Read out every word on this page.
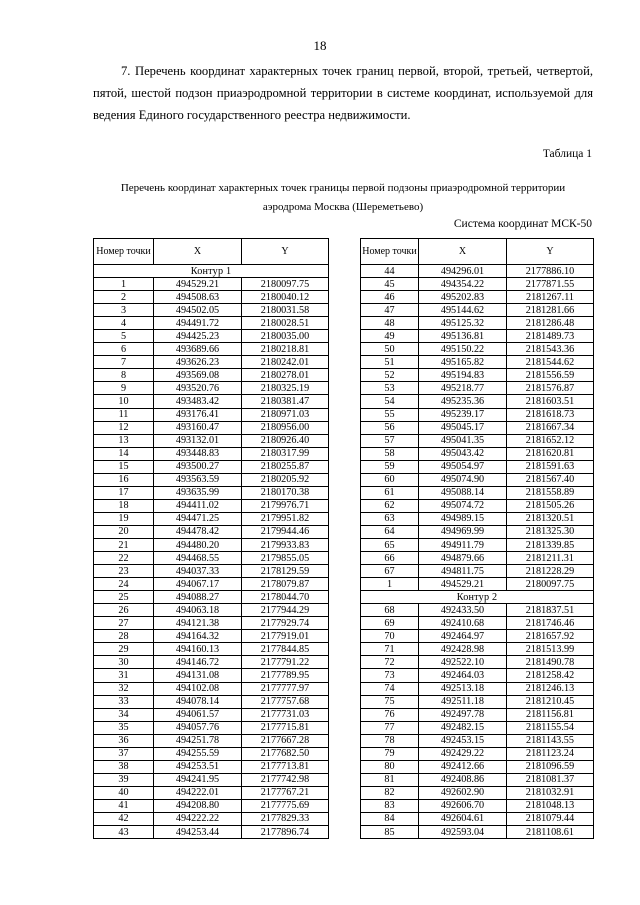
18

7. Перечень координат характерных точек границ первой, второй, третьей, четвертой, пятой, шестой подзон приаэродромной территории в системе координат, используемой для ведения Единого государственного реестра недвижимости.

Таблица 1
Перечень координат характерных точек границы первой подзоны приаэродромной территории
аэродрома Москва (Шереметьево)
Система координат МСК-50
Номер точки	X	Y
Контур 1		
1	494529.21	2180097.75
2	494508.63	2180040.12
3	494502.05	2180031.58
4	494491.72	2180028.51
5	494425.23	2180035.00
6	493689.66	2180218.81
7	493626.23	2180242.01
8	493569.08	2180278.01
9	493520.76	2180325.19
10	493483.42	2180381.47
11	493176.41	2180971.03
12	493160.47	2180956.00
13	493132.01	2180926.40
14	493448.83	2180317.99
15	493500.27	2180255.87
16	493563.59	2180205.92
17	493635.99	2180170.38
18	494411.02	2179976.71
19	494471.25	2179951.82
20	494478.42	2179944.46
21	494480.20	2179933.83
22	494468.55	2179855.05
23	494037.33	2178129.59
24	494067.17	2178079.87
25	494088.27	2178044.70
26	494063.18	2177944.29
27	494121.38	2177929.74
28	494164.32	2177919.01
29	494160.13	2177844.85
30	494146.72	2177791.22
31	494131.08	2177789.95
32	494102.08	2177777.97
33	494078.14	2177757.68
34	494061.57	2177731.03
35	494057.76	2177715.81
36	494251.78	2177667.28
37	494255.59	2177682.50
38	494253.51	2177713.81
39	494241.95	2177742.98
40	494222.01	2177767.21
41	494208.80	2177775.69
42	494222.22	2177829.33
43	494253.44	2177896.74
Номер точки	X	Y
44	494296.01	2177886.10
45	494354.22	2177871.55
46	495202.83	2181267.11
47	495144.62	2181281.66
48	495125.32	2181286.48
49	495136.81	2181489.73
50	495150.22	2181543.36
51	495165.82	2181544.62
52	495194.83	2181556.59
53	495218.77	2181576.87
54	495235.36	2181603.51
55	495239.17	2181618.73
56	495045.17	2181667.34
57	495041.35	2181652.12
58	495043.42	2181620.81
59	495054.97	2181591.63
60	495074.90	2181567.40
61	495088.14	2181558.89
62	495074.72	2181505.26
63	494989.15	2181320.51
64	494969.99	2181325.30
65	494911.79	2181339.85
66	494879.66	2181211.31
67	494811.75	2181228.29
1	494529.21	2180097.75
Контур 2		
68	492433.50	2181837.51
69	492410.68	2181746.46
70	492464.97	2181657.92
71	492428.98	2181513.99
72	492522.10	2181490.78
73	492464.03	2181258.42
74	492513.18	2181246.13
75	492511.18	2181210.45
76	492497.78	2181156.81
77	492482.15	2181155.54
78	492453.15	2181143.55
79	492429.22	2181123.24
80	492412.66	2181096.59
81	492408.86	2181081.37
82	492602.90	2181032.91
83	492606.70	2181048.13
84	492604.61	2181079.44
85	492593.04	2181108.61
